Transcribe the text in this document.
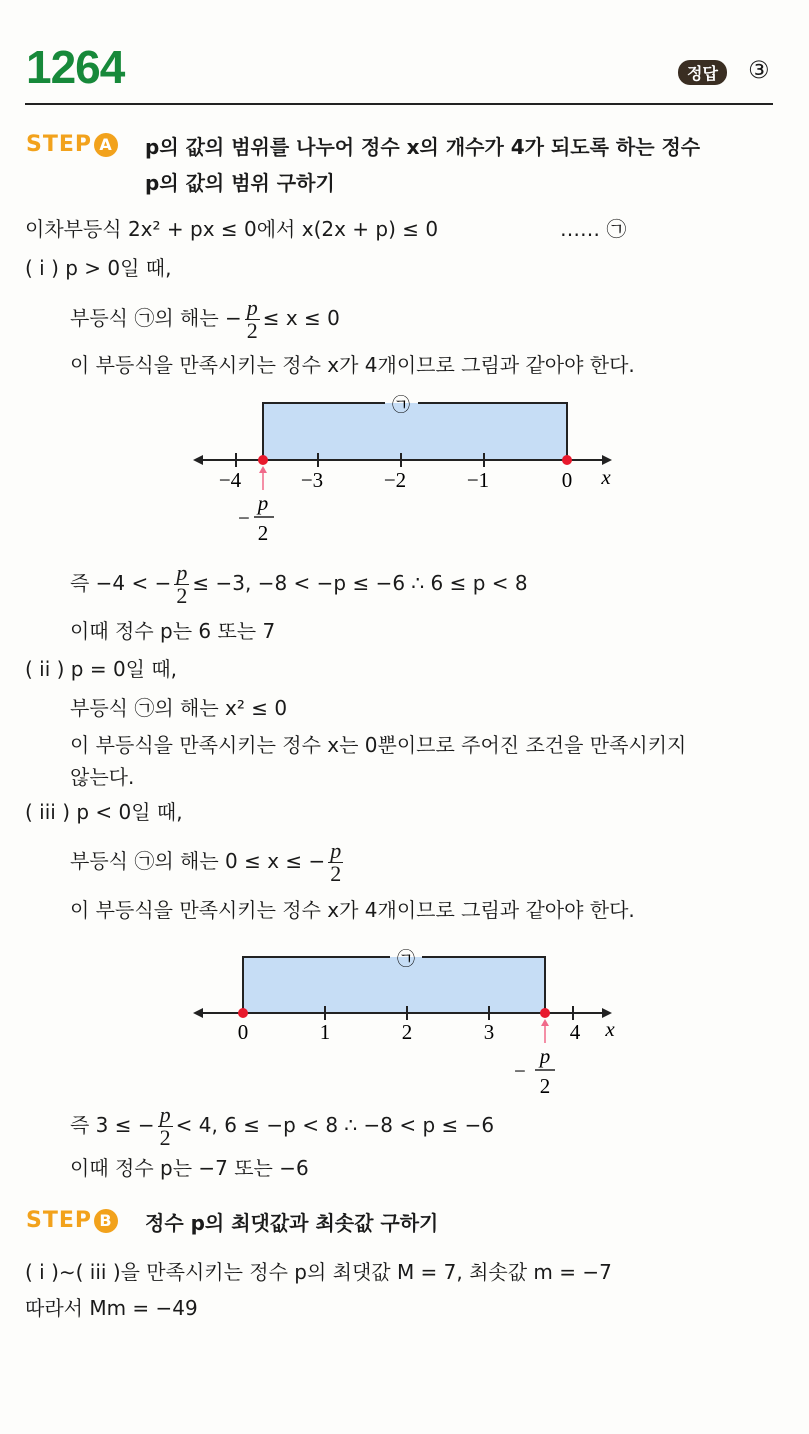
1264	정답	③
STEP A p의 값의 범위를 나누어 정수 x의 개수가 4가 되도록 하는 정수
p의 값의 범위 구하기
이차부등식 2x² + px ≤ 0에서 x(2x + p) ≤ 0	…… ㉠
( i ) p > 0일 때,
부등식 ㉠의 해는 − $\frac{p}{2} \le x \le 0$
이 부등식을 만족시키는 정수 x가 4개이므로 그림과 같아야 한다.
㉠
−4	−3	−2	−1	0 x
−
p
2
즉 −4 < − $\frac{p}{2} \le -3$, −8 < −p ≤ −6 ∴ 6 ≤ p < 8
이때 정수 p는 6 또는 7
( ii ) p = 0일 때,
부등식 ㉠의 해는 x² ≤ 0
이 부등식을 만족시키는 정수 x는 0뿐이므로 주어진 조건을 만족시키지
않는다.
( iii ) p < 0일 때,
부등식 ㉠의 해는 0 ≤ x ≤ − $\frac{p}{2}$
이 부등식을 만족시키는 정수 x가 4개이므로 그림과 같아야 한다.
㉠
0	1	2	3	4 x
−
p
2
즉 3 ≤ − $\frac{p}{2} < 4$, 6 ≤ −p < 8 ∴ −8 < p ≤ −6
이때 정수 p는 −7 또는 −6
STEP B 정수 p의 최댓값과 최솟값 구하기
( i )∼( iii )을 만족시키는 정수 p의 최댓값 M = 7, 최솟값 m = −7
따라서 Mm = −49
